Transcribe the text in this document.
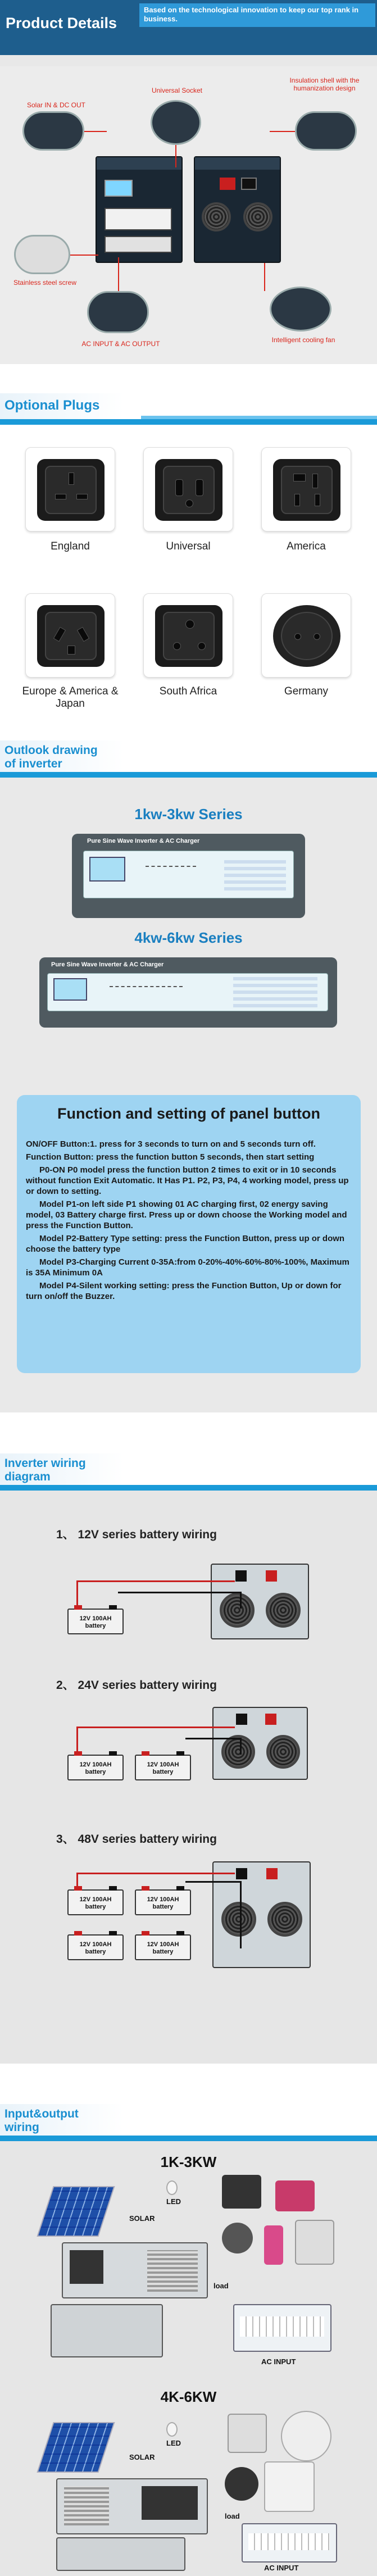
Product Details
Based on the technological innovation to keep our top rank in business.
Solar IN & DC OUT
Universal Socket
Insulation shell with the humanization design
Stainless steel screw
AC INPUT & AC OUTPUT	Intelligent cooling fan
Optional Plugs
England	Universal	America
Europe & America & Japan
South Africa	Germany
Outlook drawing
of inverter
1kw-3kw Series
Pure Sine Wave Inverter & AC Charger
4kw-6kw Series
Pure Sine Wave Inverter & AC Charger
Function and setting of panel button

ON/OFF Button:1. press for 3 seconds to turn on and 5 seconds turn off.

Function Button: press the function button 5 seconds, then start setting

P0-ON P0 model press the function button 2 times to exit or in 10 seconds without function Exit Automatic. It Has P1. P2, P3, P4, 4 working model, press up or down to setting.

Model P1-on left side P1 showing 01 AC charging first, 02 energy saving model, 03 Battery charge first. Press up or down choose the Working model and press the Function Button.

Model P2-Battery Type setting: press the Function Button, press up or down choose the battery type

Model P3-Charging Current 0-35A:from 0-20%-40%-60%-80%-100%, Maximum is 35A Minimum 0A

Model P4-Silent working setting: press the Function Button, Up or down for turn on/off the Buzzer.

Inverter wiring
diagram
1、 12V series battery wiring
12V 100AH
battery
2、 24V series battery wiring
12V 100AH
battery
12V 100AH
battery
3、 48V series battery wiring
12V 100AH
battery
12V 100AH
battery
12V 100AH
battery
12V 100AH
battery
Input&output
wiring
1K-3KW
SOLAR
LED
load
AC INPUT
4K-6KW
SOLAR
LED
load
AC INPUT
